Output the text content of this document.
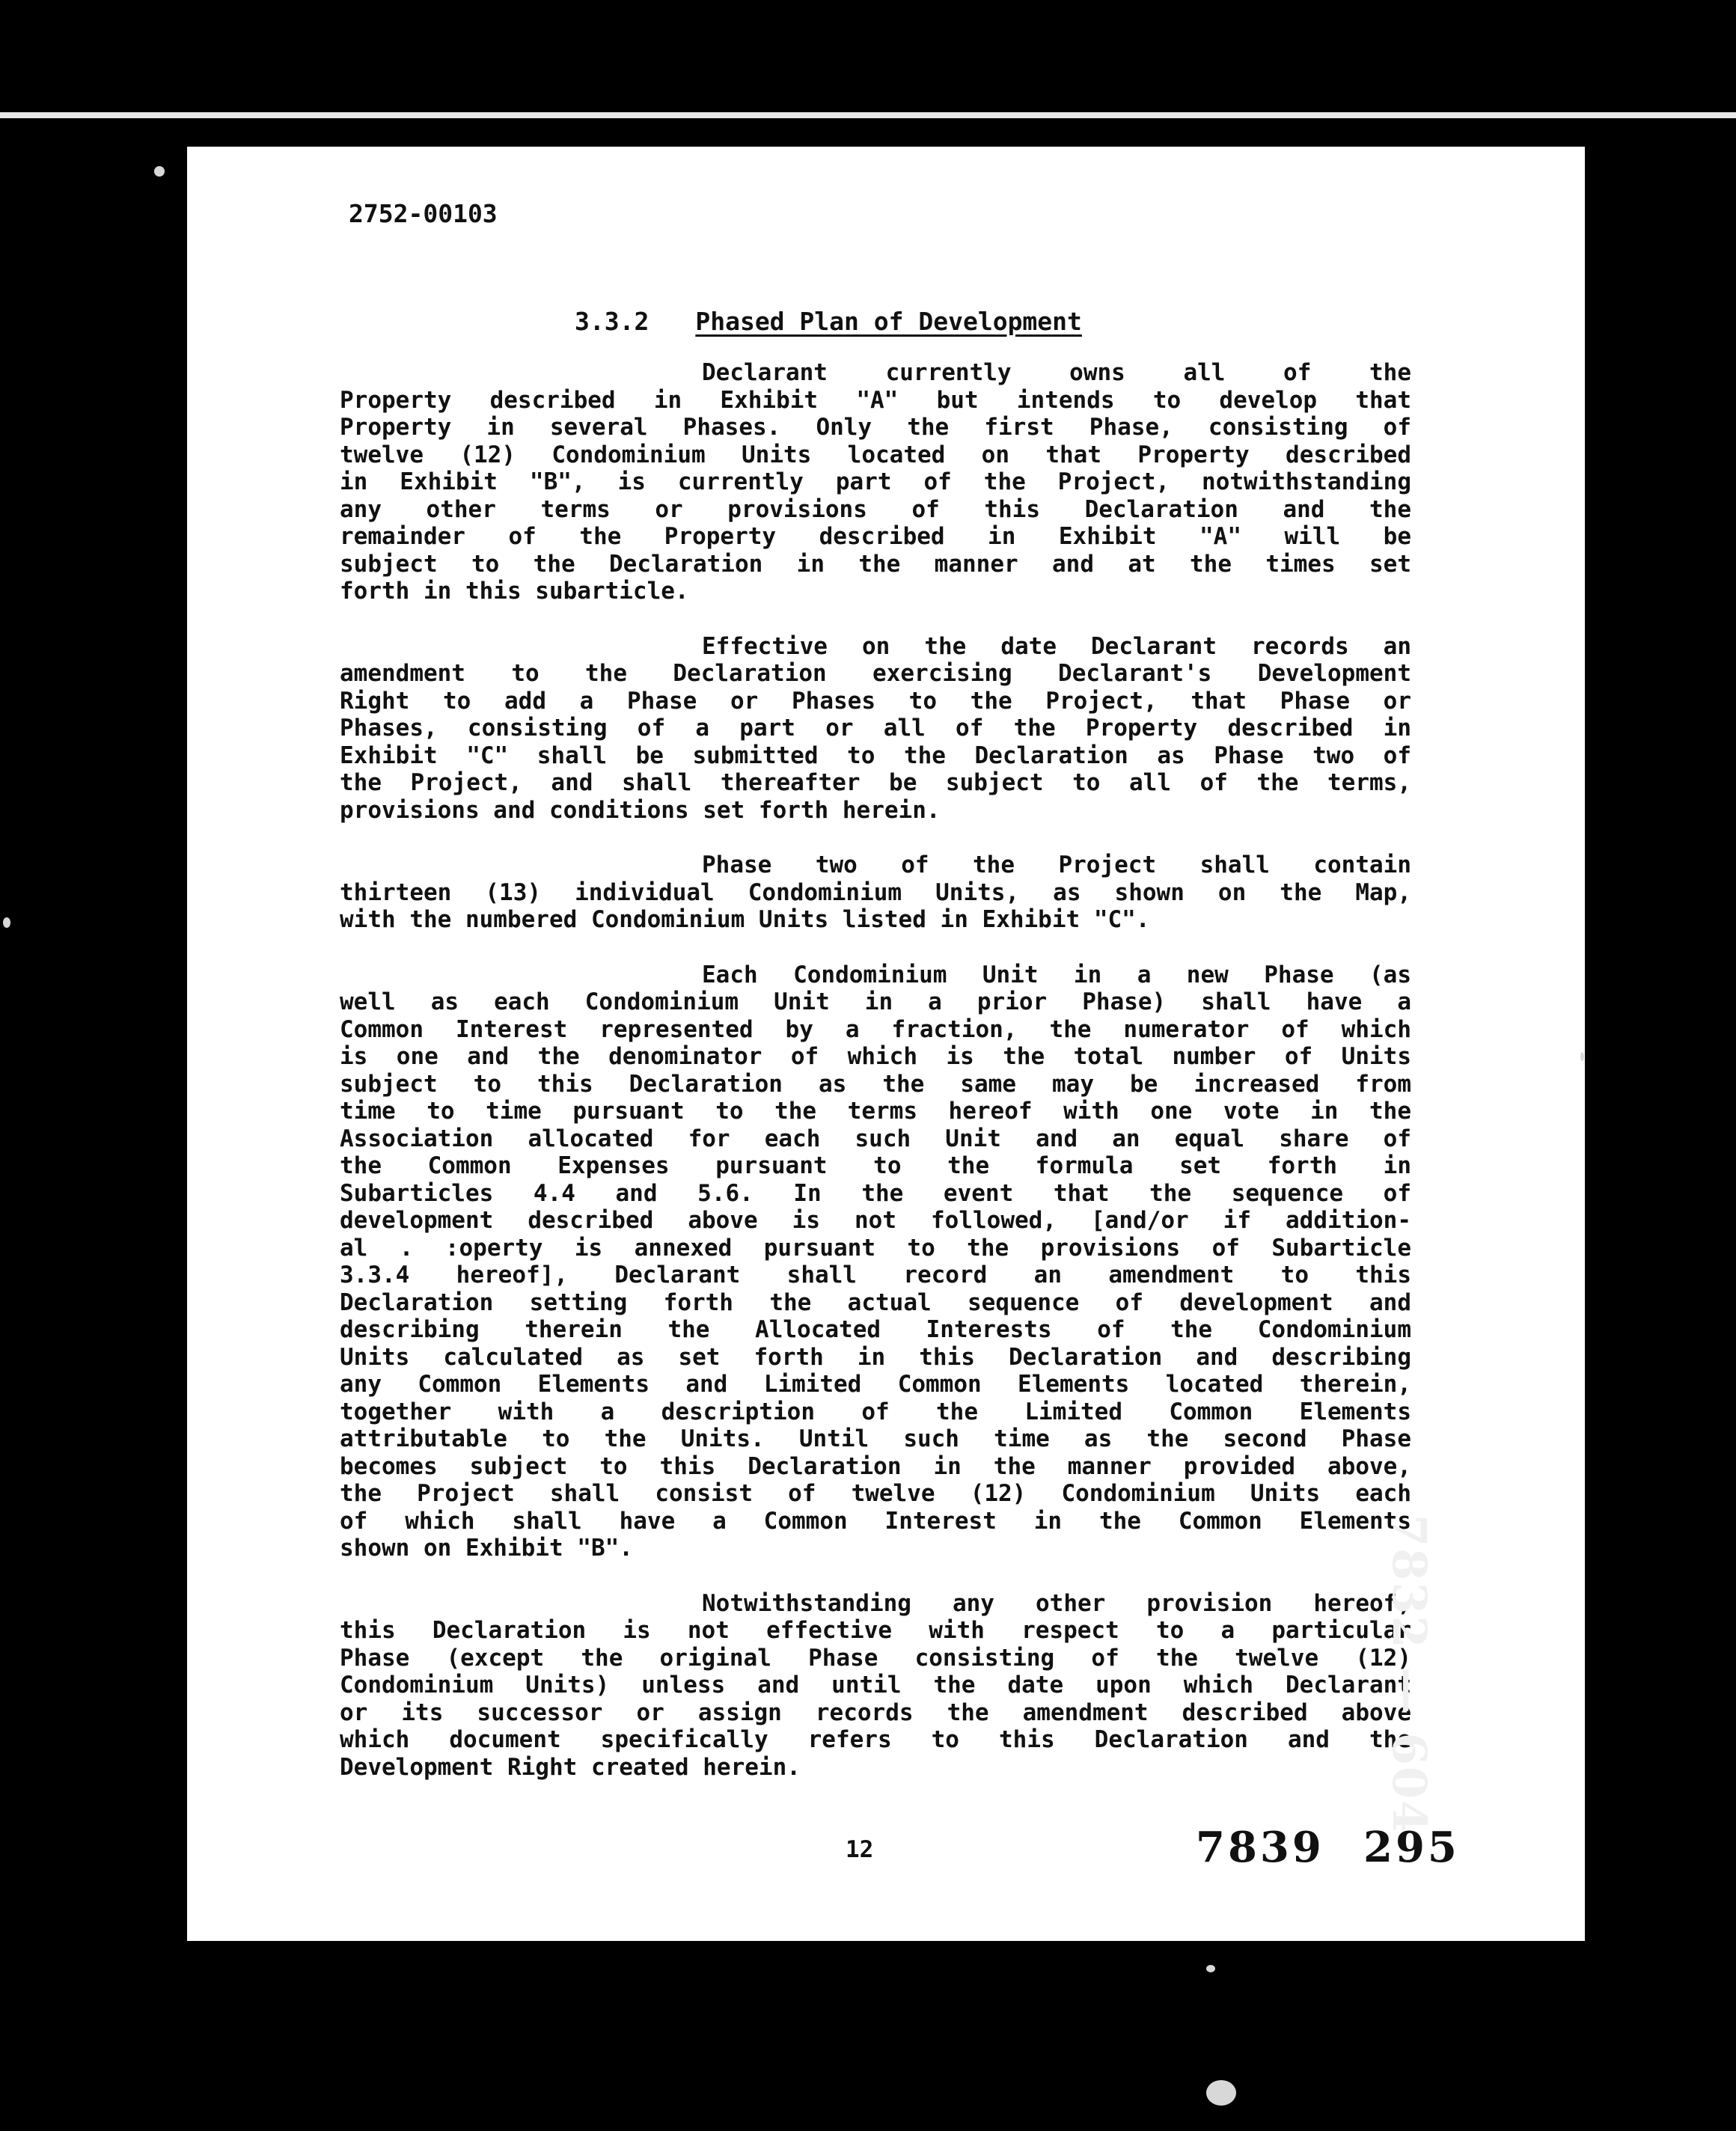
2752-00103
3.3.2 Phased Plan of Development
Declarant currently owns all of the
Property described in Exhibit "A" but intends to develop that
Property in several Phases. Only the first Phase, consisting of
twelve (12) Condominium Units located on that Property described
in Exhibit "B", is currently part of the Project, notwithstanding
any other terms or provisions of this Declaration and the
remainder of the Property described in Exhibit "A" will be
subject to the Declaration in the manner and at the times set
forth in this subarticle.
Effective on the date Declarant records an
amendment to the Declaration exercising Declarant's Development
Right to add a Phase or Phases to the Project, that Phase or
Phases, consisting of a part or all of the Property described in
Exhibit "C" shall be submitted to the Declaration as Phase two of
the Project, and shall thereafter be subject to all of the terms,
provisions and conditions set forth herein.
Phase two of the Project shall contain
thirteen (13) individual Condominium Units, as shown on the Map,
with the numbered Condominium Units listed in Exhibit "C".
Each Condominium Unit in a new Phase (as
well as each Condominium Unit in a prior Phase) shall have a
Common Interest represented by a fraction, the numerator of which
is one and the denominator of which is the total number of Units
subject to this Declaration as the same may be increased from
time to time pursuant to the terms hereof with one vote in the
Association allocated for each such Unit and an equal share of
the Common Expenses pursuant to the formula set forth in
Subarticles 4.4 and 5.6. In the event that the sequence of
development described above is not followed, [and/or if addition-
al . :operty is annexed pursuant to the provisions of Subarticle
3.3.4 hereof], Declarant shall record an amendment to this
Declaration setting forth the actual sequence of development and
describing therein the Allocated Interests of the Condominium
Units calculated as set forth in this Declaration and describing
any Common Elements and Limited Common Elements located therein,
together with a description of the Limited Common Elements
attributable to the Units. Until such time as the second Phase
becomes subject to this Declaration in the manner provided above,
the Project shall consist of twelve (12) Condominium Units each
of which shall have a Common Interest in the Common Elements
shown on Exhibit "B".
Notwithstanding any other provision hereof,
this Declaration is not effective with respect to a particular
Phase (except the original Phase consisting of the twelve (12)
Condominium Units) unless and until the date upon which Declarant
or its successor or assign records the amendment described above
which document specifically refers to this Declaration and the
Development Right created herein.
12	7839 295
7832 — 604
